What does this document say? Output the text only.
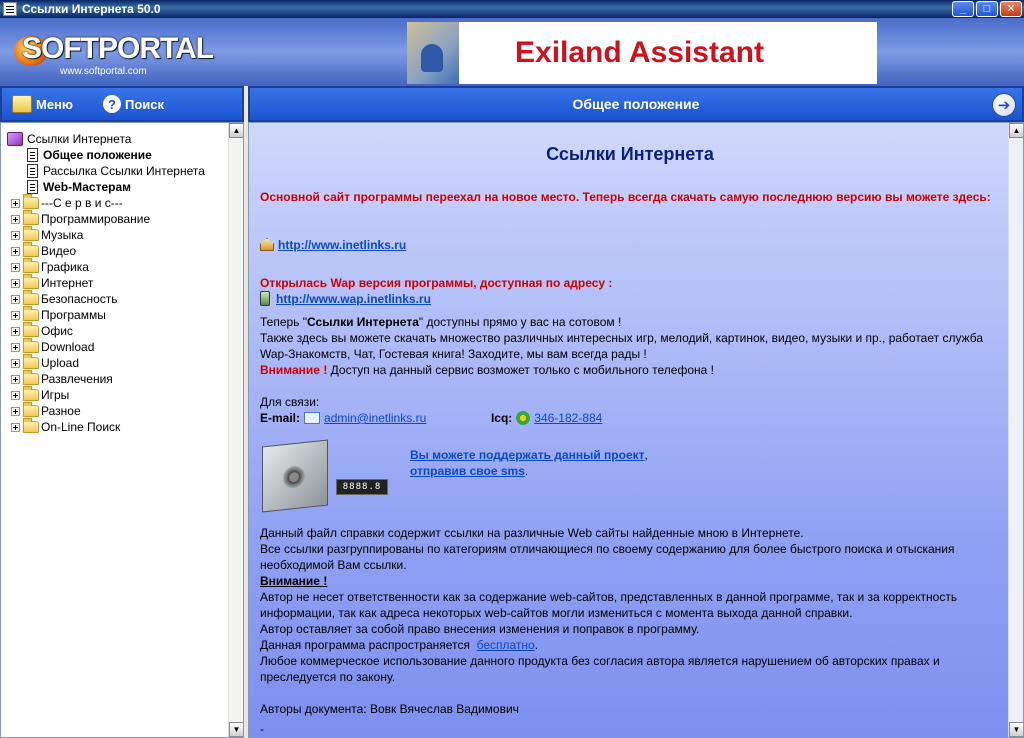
Ссылки Интернета 50.0	_	□	✕
SOFTPORTAL
www.softportal.com
Exiland Assistant
Меню	? Поиск
Ссылки Интернета
Общее положение
Рассылка Ссылки Интернета
Web-Мастерам
---С е р в и с---
Программирование
Музыка
Видео
Графика
Интернет
Безопасность
Программы
Офис
Download
Upload
Развлечения
Игры
Разное
On-Line Поиск
▲
▼
Общее положение	➔
Ссылки Интернета
Основной сайт программы переехал на новое место. Теперь всегда скачать самую последнюю версию вы можете здесь:
http://www.inetlinks.ru
Открылась Wap версия программы, доступная по адресу :
http://www.wap.inetlinks.ru
Теперь "Ссылки Интернета" доступны прямо у вас на сотовом !
Также здесь вы можете скачать множество различных интересных игр, мелодий, картинок, видео, музыки и пр., работает служба Wap-Знакомств, Чат, Гостевая книга! Заходите, мы вам всегда рады !
Внимание ! Доступ на данный сервис возможет только с мобильного телефона !
Для связи:
E-mail: admin@inetlinks.ru	Icq: 346-182-884
8888.8
Вы можете поддержать данный проект,
отправив свое sms.
Данный файл справки содержит ссылки на различные Web сайты найденные мною в Интернете.
Все ссылки разгруппированы по категориям отличающиеся по своему содержанию для более быстрого поиска и отыскания необходимой Вам ссылки.
Внимание !
Автор не несет ответственности как за содержание web-сайтов, представленных в данной программе, так и за корректность информации, так как адреса некоторых web-сайтов могли измениться с момента выхода данной справки.
Автор оставляет за собой право внесения изменения и поправок в программу.
Данная программа распространяется бесплатно.
Любое коммерческое использование данного продукта без согласия автора является нарушением об авторских правах и преследуется по закону.
Авторы документа: Вовк Вячеслав Вадимович
-
▲
▼
